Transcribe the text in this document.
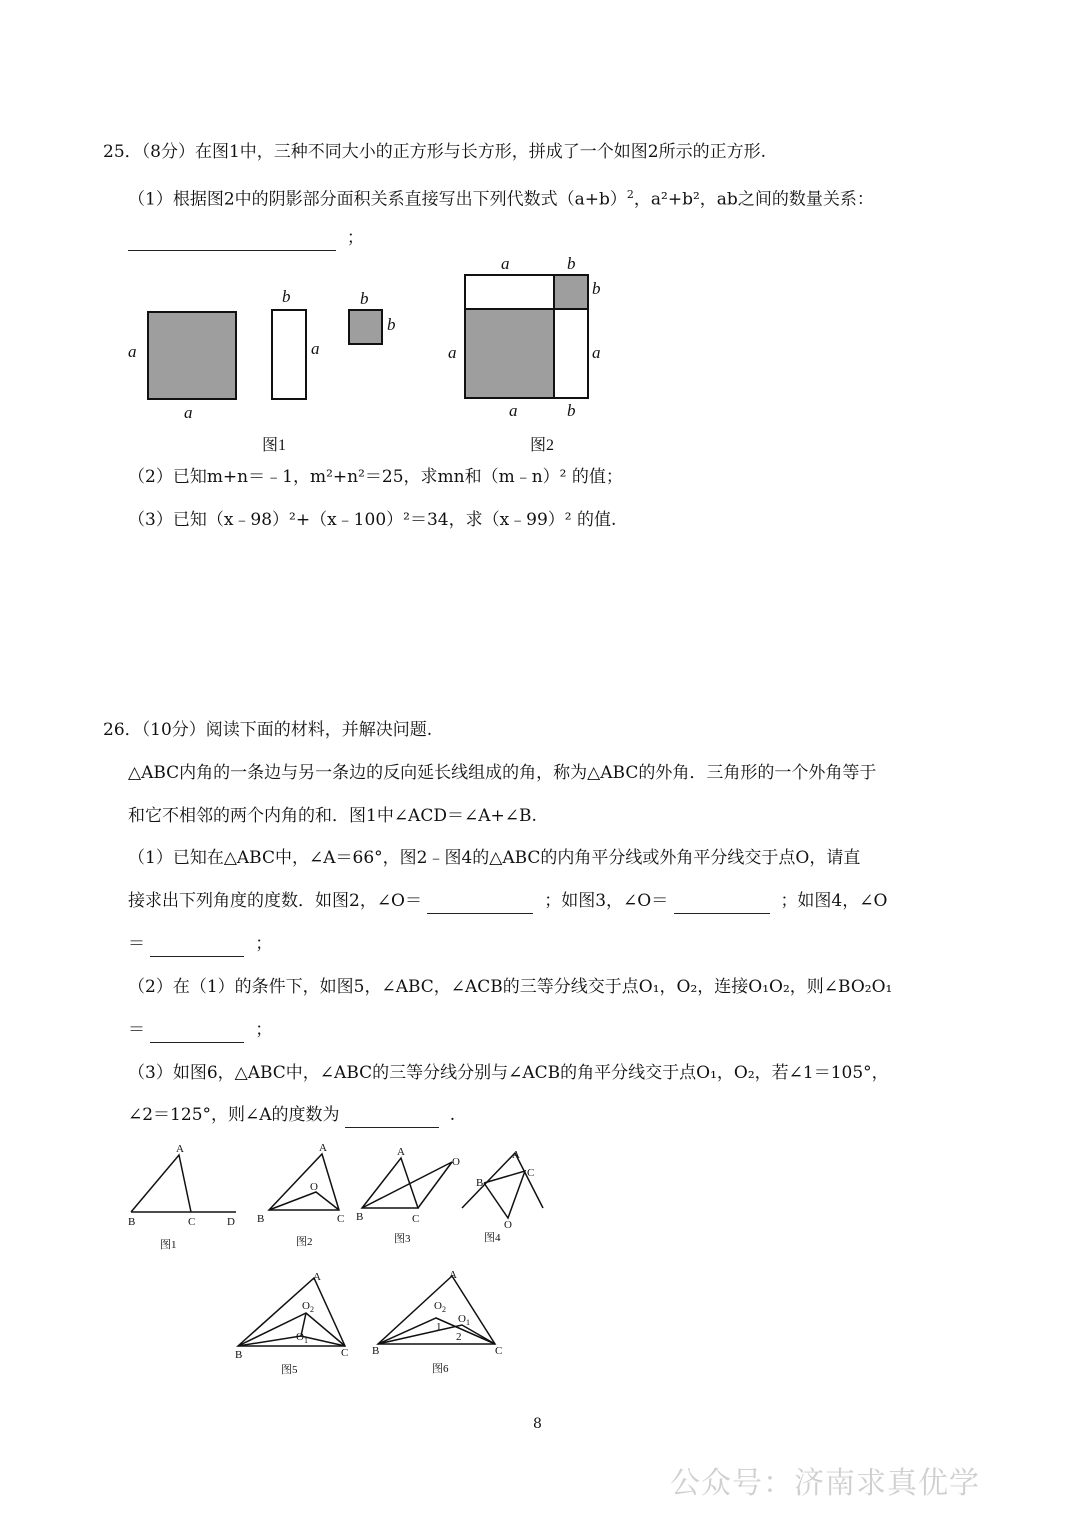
25．（8分）在图1中，三种不同大小的正方形与长方形，拼成了一个如图2所示的正方形.
（1）根据图2中的阴影部分面积关系直接写出下列代数式$(a+b)^2$，a²+b²，ab之间的数量关系：
；
a
a
b
a
b
b
图1
a	b
b
a	a
a	b
图2
（2）已知m+n＝﹣1，m²+n²＝25，求mn和（m﹣n）² 的值；
（3）已知（x﹣98）²+（x﹣100）²＝34，求（x﹣99）² 的值.
26．（10分）阅读下面的材料，并解决问题.
△ABC内角的一条边与另一条边的反向延长线组成的角，称为△ABC的外角．三角形的一个外角等于
和它不相邻的两个内角的和．图1中∠ACD＝∠A+∠B.
（1）已知在△ABC中，∠A＝66°，图2﹣图4的△ABC的内角平分线或外角平分线交于点O，请直
接求出下列角度的度数．如图2，∠O＝	；如图3，∠O＝	；如图4，∠O
＝	；
（2）在（1）的条件下，如图5，∠ABC，∠ACB的三等分线交于点O₁，O₂，连接O₁O₂，则∠BO₂O₁
＝	；
（3）如图6，△ABC中，∠ABC的三等分线分别与∠ACB的角平分线交于点O₁，O₂，若∠1＝105°，
∠2＝125°，则∠A的度数为	.
A
B	C	D
图1
A
O
B	C
图2
A
O
B	C
图3
A
B
C
O
图4
A
$O_2$
$O_1$
B	C
图5
A
$O_2$
$O_1$
1
2
B	C
图6
8
公众号：济南求真优学
